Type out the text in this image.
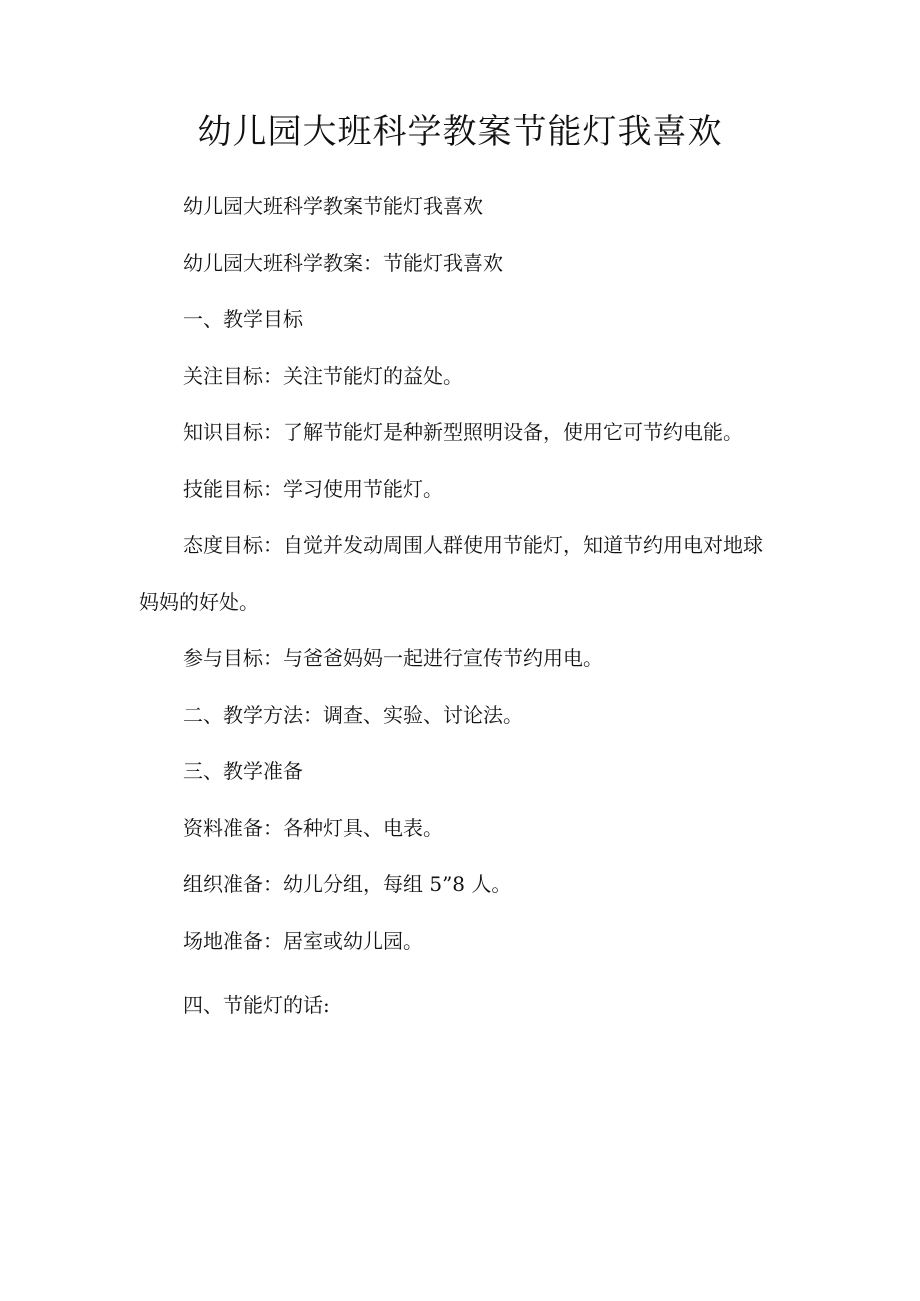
幼儿园大班科学教案节能灯我喜欢
幼儿园大班科学教案节能灯我喜欢
幼儿园大班科学教案：节能灯我喜欢
一、教学目标
关注目标：关注节能灯的益处。
知识目标：了解节能灯是种新型照明设备，使用它可节约电能。
技能目标：学习使用节能灯。
态度目标：自觉并发动周围人群使用节能灯，知道节约用电对地球
妈妈的好处。
参与目标：与爸爸妈妈一起进行宣传节约用电。
二、教学方法：调查、实验、讨论法。
三、教学准备
资料准备：各种灯具、电表。
组织准备：幼儿分组，每组 5”8 人。
场地准备：居室或幼儿园。
四、节能灯的话:
